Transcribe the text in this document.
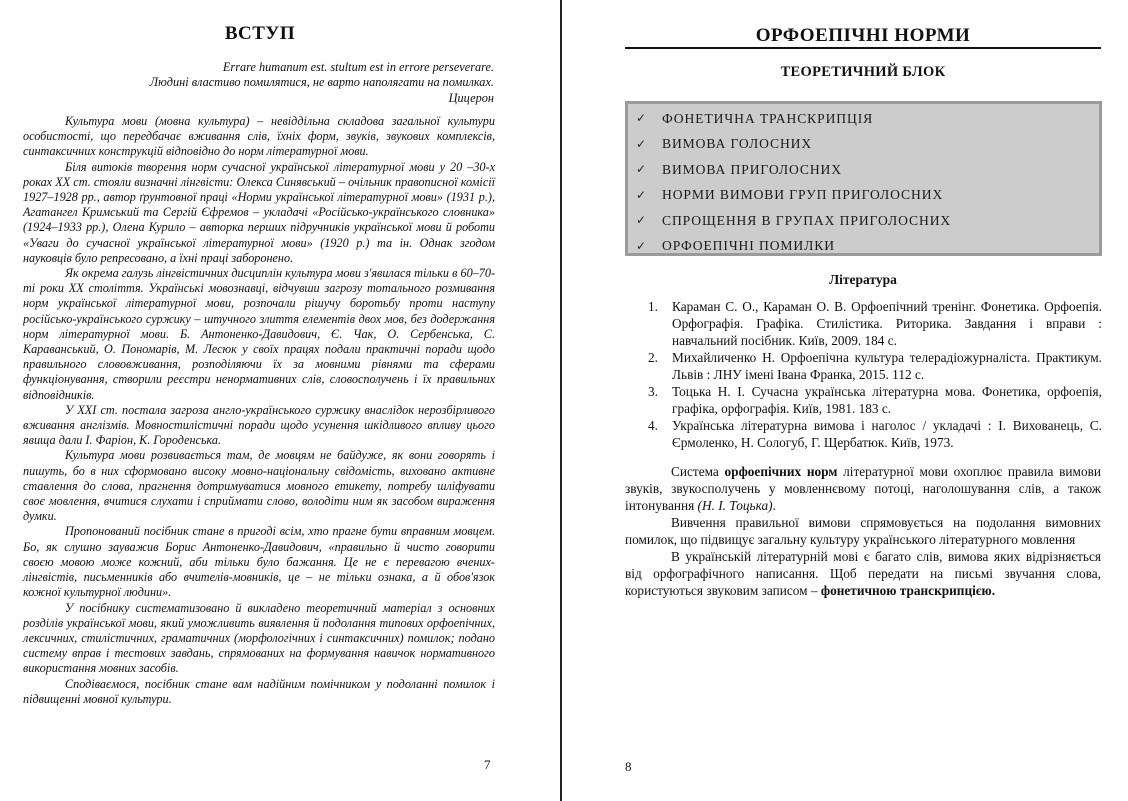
ВСТУП
Errare humanum est. stultum est in errore perseverare.
Людині властиво помилятися, не варто наполягати на помилках.
Цицерон

Культура мови (мовна культура) – невіддільна складова загальної культури особистості, що передбачає вживання слів, їхніх форм, звуків, звукових комплексів, синтаксичних конструкцій відповідно до норм літературної мови.

Біля витоків творення норм сучасної української літературної мови у 20 –30-х роках ХХ ст. стояли визначні лінгвісти: Олекса Синявський – очільник правописної комісії 1927–1928 рр., автор ґрунтовної праці «Норми української літературної мови» (1931 р.), Агатангел Кримський та Сергій Єфремов – укладачі «Російсько-українського словника» (1924–1933 рр.), Олена Курило – авторка перших підручників української мови й роботи «Уваги до сучасної української літературної мови» (1920 р.) та ін. Однак згодом науковців було репресовано, а їхні праці заборонено.

Як окрема галузь лінгвістичних дисциплін культура мови з'явилася тільки в 60–70-ті роки ХХ століття. Українські мовознавці, відчувши загрозу тотального розмивання норм української літературної мови, розпочали рішучу боротьбу проти наступу російсько-українського суржику – штучного злиття елементів двох мов, без додержання норм літературної мови. Б. Антоненко-Давидович, Є. Чак, О. Сербенська, С. Караванський, О. Пономарів, М. Лесюк у своїх працях подали практичні поради щодо правильного слововживання, розподіляючи їх за мовними рівнями та сферами функціонування, створили реєстри ненормативних слів, словосполучень і їх правильних відповідників.

У ХХІ ст. постала загроза англо-українського суржику внаслідок нерозбірливого вживання англізмів. Мовностилістичні поради щодо усунення шкідливого впливу цього явища дали І. Фаріон, К. Городенська.

Культура мови розвивається там, де мовцям не байдуже, як вони говорять і пишуть, бо в них сформовано високу мовно-національну свідомість, виховано активне ставлення до слова, прагнення дотримуватися мовного етикету, потребу шліфувати своє мовлення, вчитися слухати і сприймати слово, володіти ним як засобом вираження думки.

Пропонований посібник стане в пригоді всім, хто прагне бути вправним мовцем. Бо, як слушно зауважив Борис Антоненко-Давидович, «правильно й чисто говорити своєю мовою може кожний, аби тільки було бажання. Це не є перевагою вчених-лінгвістів, письменників або вчителів-мовників, це – не тільки ознака, а й обов'язок кожної культурної людини».

У посібнику систематизовано й викладено теоретичний матеріал з основних розділів української мови, який уможливить виявлення й подолання типових орфоепічних, лексичних, стилістичних, граматичних (морфологічних і синтаксичних) помилок; подано систему вправ і тестових завдань, спрямованих на формування навичок нормативного використання мовних засобів.

Сподіваємося, посібник стане вам надійним помічником у подоланні помилок і підвищенні мовної культури.

7
ОРФОЕПІЧНІ НОРМИ
ТЕОРЕТИЧНИЙ БЛОК
✓	ФОНЕТИЧНА ТРАНСКРИПЦІЯ
✓	ВИМОВА ГОЛОСНИХ
✓	ВИМОВА ПРИГОЛОСНИХ
✓	НОРМИ ВИМОВИ ГРУП ПРИГОЛОСНИХ
✓	СПРОЩЕННЯ В ГРУПАХ ПРИГОЛОСНИХ
✓	ОРФОЕПІЧНІ ПОМИЛКИ
Література
1.	Караман С. О., Караман О. В. Орфоепічний тренінг. Фонетика. Орфоепія. Орфографія. Графіка. Стилістика. Риторика. Завдання і вправи : навчальний посібник. Київ, 2009. 184 с.
2.	Михайличенко Н. Орфоепічна культура телерадіожурналіста. Практикум. Львів : ЛНУ імені Івана Франка, 2015. 112 с.
3.	Тоцька Н. І. Сучасна українська літературна мова. Фонетика, орфоепія, графіка, орфографія. Київ, 1981. 183 с.
4.	Українська літературна вимова і наголос / укладачі : І. Вихованець, С. Єрмоленко, Н. Сологуб, Г. Щербатюк. Київ, 1973.

Система орфоепічних норм літературної мови охоплює правила вимови звуків, звукосполучень у мовленнєвому потоці, наголошування слів, а також інтонування (Н. І. Тоцька).

Вивчення правильної вимови спрямовується на подолання вимовних помилок, що підвищує загальну культуру українського літературного мовлення

В українській літературній мові є багато слів, вимова яких відрізняється від орфографічного написання. Щоб передати на письмі звучання слова, користуються звуковим записом – фонетичною транскрипцією.

8
